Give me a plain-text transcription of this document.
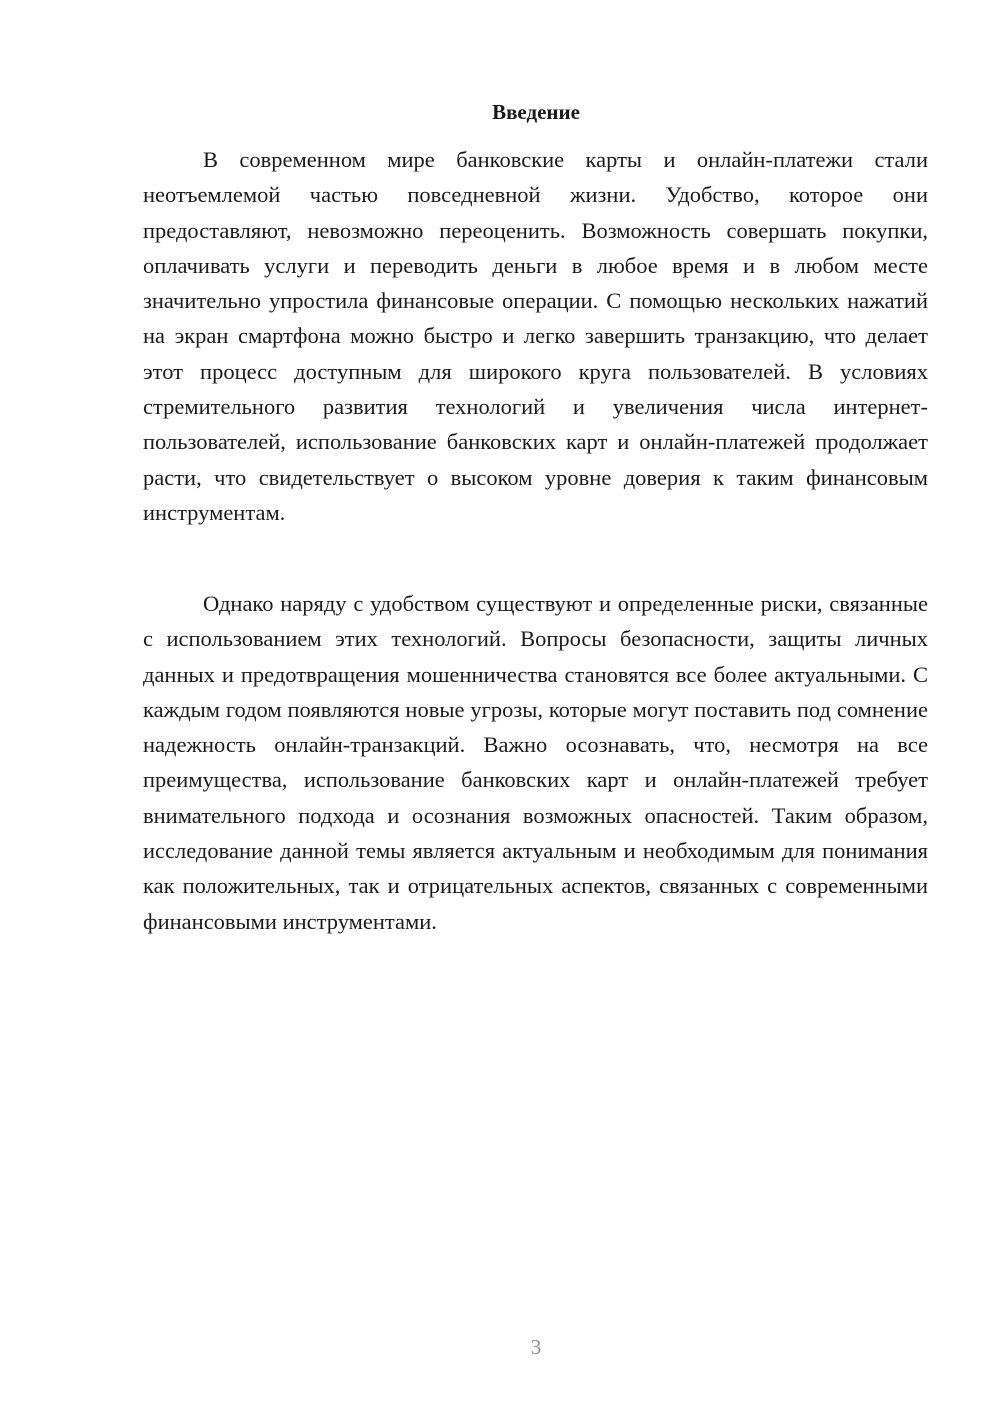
Введение

В современном мире банковские карты и онлайн-платежи стали неотъемлемой частью повседневной жизни. Удобство, которое они предоставляют, невозможно переоценить. Возможность совершать покупки, оплачивать услуги и переводить деньги в любое время и в любом месте значительно упростила финансовые операции. С помощью нескольких нажатий на экран смартфона можно быстро и легко завершить транзакцию, что делает этот процесс доступным для широкого круга пользователей. В условиях стремительного развития технологий и увеличения числа интернет-пользователей, использование банковских карт и онлайн-платежей продолжает расти, что свидетельствует о высоком уровне доверия к таким финансовым инструментам.

Однако наряду с удобством существуют и определенные риски, связанные с использованием этих технологий. Вопросы безопасности, защиты личных данных и предотвращения мошенничества становятся все более актуальными. С каждым годом появляются новые угрозы, которые могут поставить под сомнение надежность онлайн-транзакций. Важно осознавать, что, несмотря на все преимущества, использование банковских карт и онлайн-платежей требует внимательного подхода и осознания возможных опасностей. Таким образом, исследование данной темы является актуальным и необходимым для понимания как положительных, так и отрицательных аспектов, связанных с современными финансовыми инструментами.

3
